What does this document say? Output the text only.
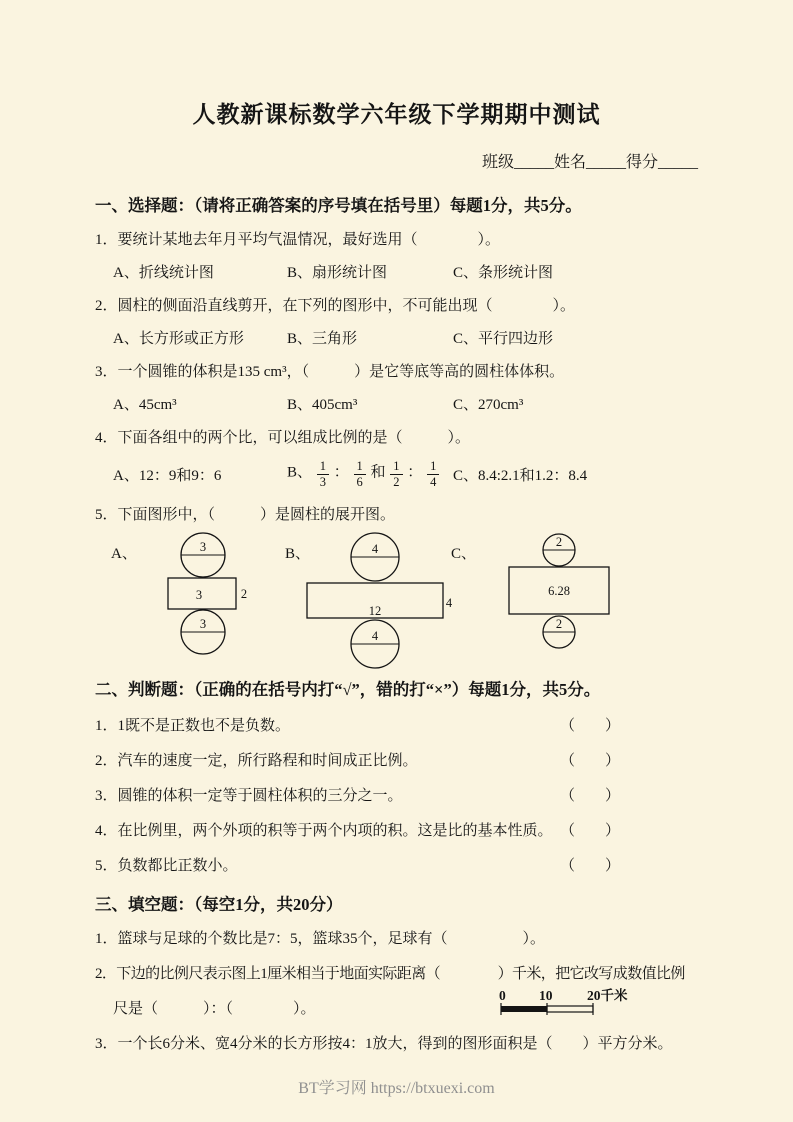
人教新课标数学六年级下学期期中测试
班级_____姓名_____得分_____
一、选择题：（请将正确答案的序号填在括号里）每题1分，共5分。

1．要统计某地去年月平均气温情况，最好选用（　　　　）。

A、折线统计图	B、扇形统计图	C、条形统计图

2．圆柱的侧面沿直线剪开，在下列的图形中，不可能出现（　　　　）。

A、长方形或正方形	B、三角形	C、平行四边形

3．一个圆锥的体积是135 cm³，（　　　）是它等底等高的圆柱体体积。

A、45cm³	B、405cm³	C、270cm³

4．下面各组中的两个比，可以组成比例的是（　　　）。

A、12：9和9：6	B、 $\frac{1}{3}$ ： $\frac{1}{6}$ 和 $\frac{1}{2}$ ： $\frac{1}{4}$ C、8.4:2.1和1.2：8.4

5．下面图形中，（　　　）是圆柱的展开图。

A、	3
3	2
3
B、	4
12
4
4
C、
2
6.28
2
二、判断题：（正确的在括号内打“√”，错的打“×”）每题1分，共5分。
1．1既不是正数也不是负数。	（　　）
2．汽车的速度一定，所行路程和时间成正比例。	（　　）
3．圆锥的体积一定等于圆柱体积的三分之一。	（　　）
4．在比例里，两个外项的积等于两个内项的积。这是比的基本性质。 （　　）
5．负数都比正数小。	（　　）
三、填空题：（每空1分，共20分）

1．篮球与足球的个数比是7：5，篮球35个，足球有（　　　　　）。

2．下边的比例尺表示图上1厘米相当于地面实际距离（　　　　）千米，把它改写成数值比例

尺是（　　　）：（　　　　）。
0 10	20千米

3．一个长6分米、宽4分米的长方形按4：1放大，得到的图形面积是（　　）平方分米。

BT学习网 https://btxuexi.com
